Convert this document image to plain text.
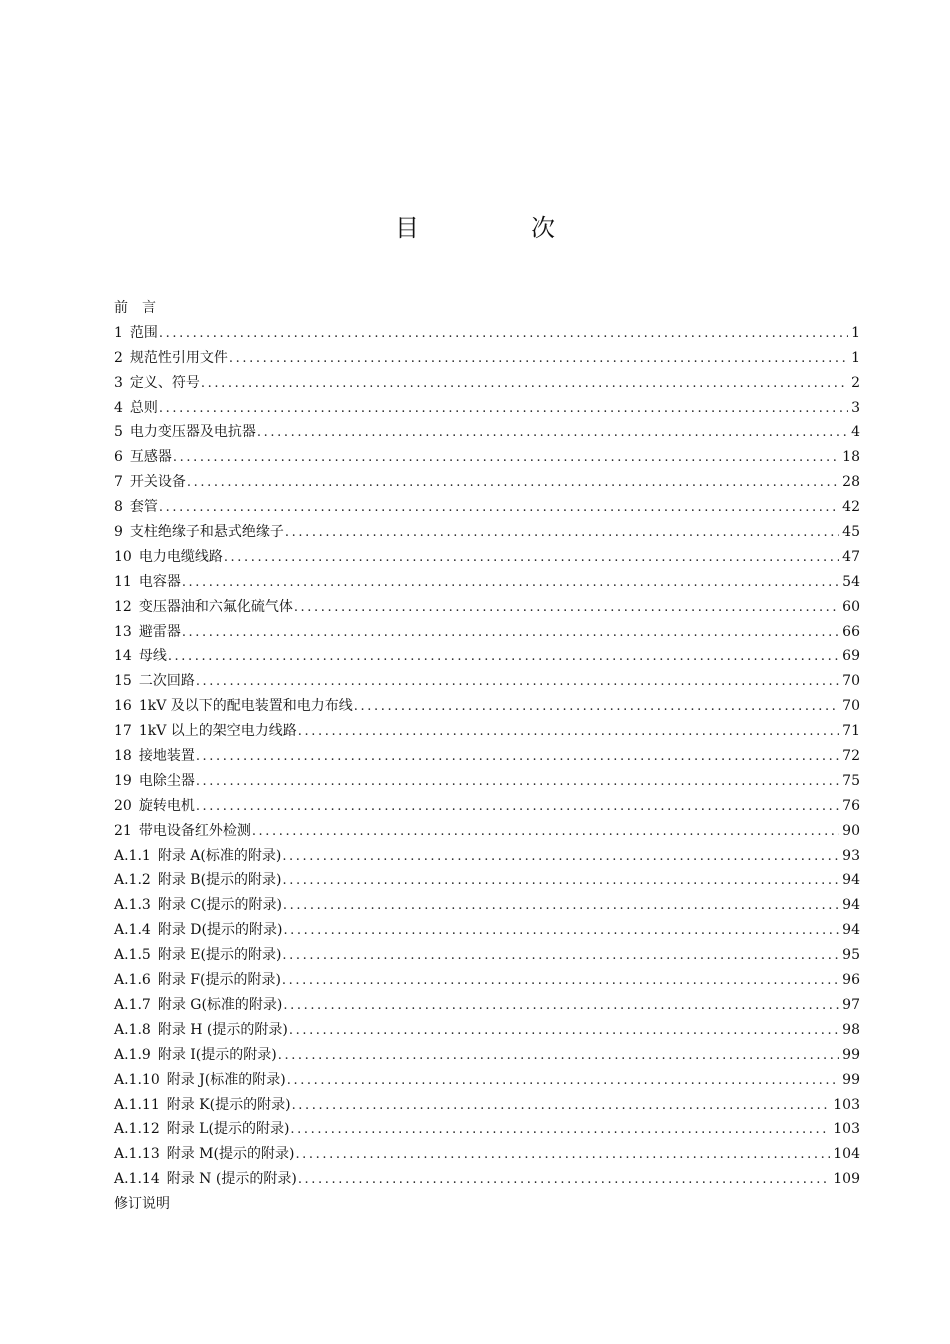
目　次
前　言
1 范围 .....	1
2 规范性引用文件 .....	1
3 定义、符号 .....	2
4 总则 .....	3
5 电力变压器及电抗器 .....	4
6 互感器 .....	18
7 开关设备 .....	28
8 套管 .....	42
9 支柱绝缘子和悬式绝缘子 .....	45
10 电力电缆线路 .....	47
11 电容器 .....	54
12 变压器油和六氟化硫气体 .....	60
13 避雷器 .....	66
14 母线 .....	69
15 二次回路 .....	70
16 1kV 及以下的配电装置和电力布线 .....	70
17 1kV 以上的架空电力线路 .....	71
18 接地装置 .....	72
19 电除尘器 .....	75
20 旋转电机 .....	76
21 带电设备红外检测 .....	90
A.1.1 附录 A(标准的附录) .....	93
A.1.2 附录 B(提示的附录) .....	94
A.1.3 附录 C(提示的附录) .....	94
A.1.4 附录 D(提示的附录) .....	94
A.1.5 附录 E(提示的附录) .....	95
A.1.6 附录 F(提示的附录) .....	96
A.1.7 附录 G(标准的附录) .....	97
A.1.8 附录 H (提示的附录) .....	98
A.1.9 附录 I(提示的附录) .....	99
A.1.10 附录 J(标准的附录) .....	99
A.1.11 附录 K(提示的附录) .....	103
A.1.12 附录 L(提示的附录) .....	103
A.1.13 附录 M(提示的附录) .....	104
A.1.14 附录 N (提示的附录) .....	109
修订说明
